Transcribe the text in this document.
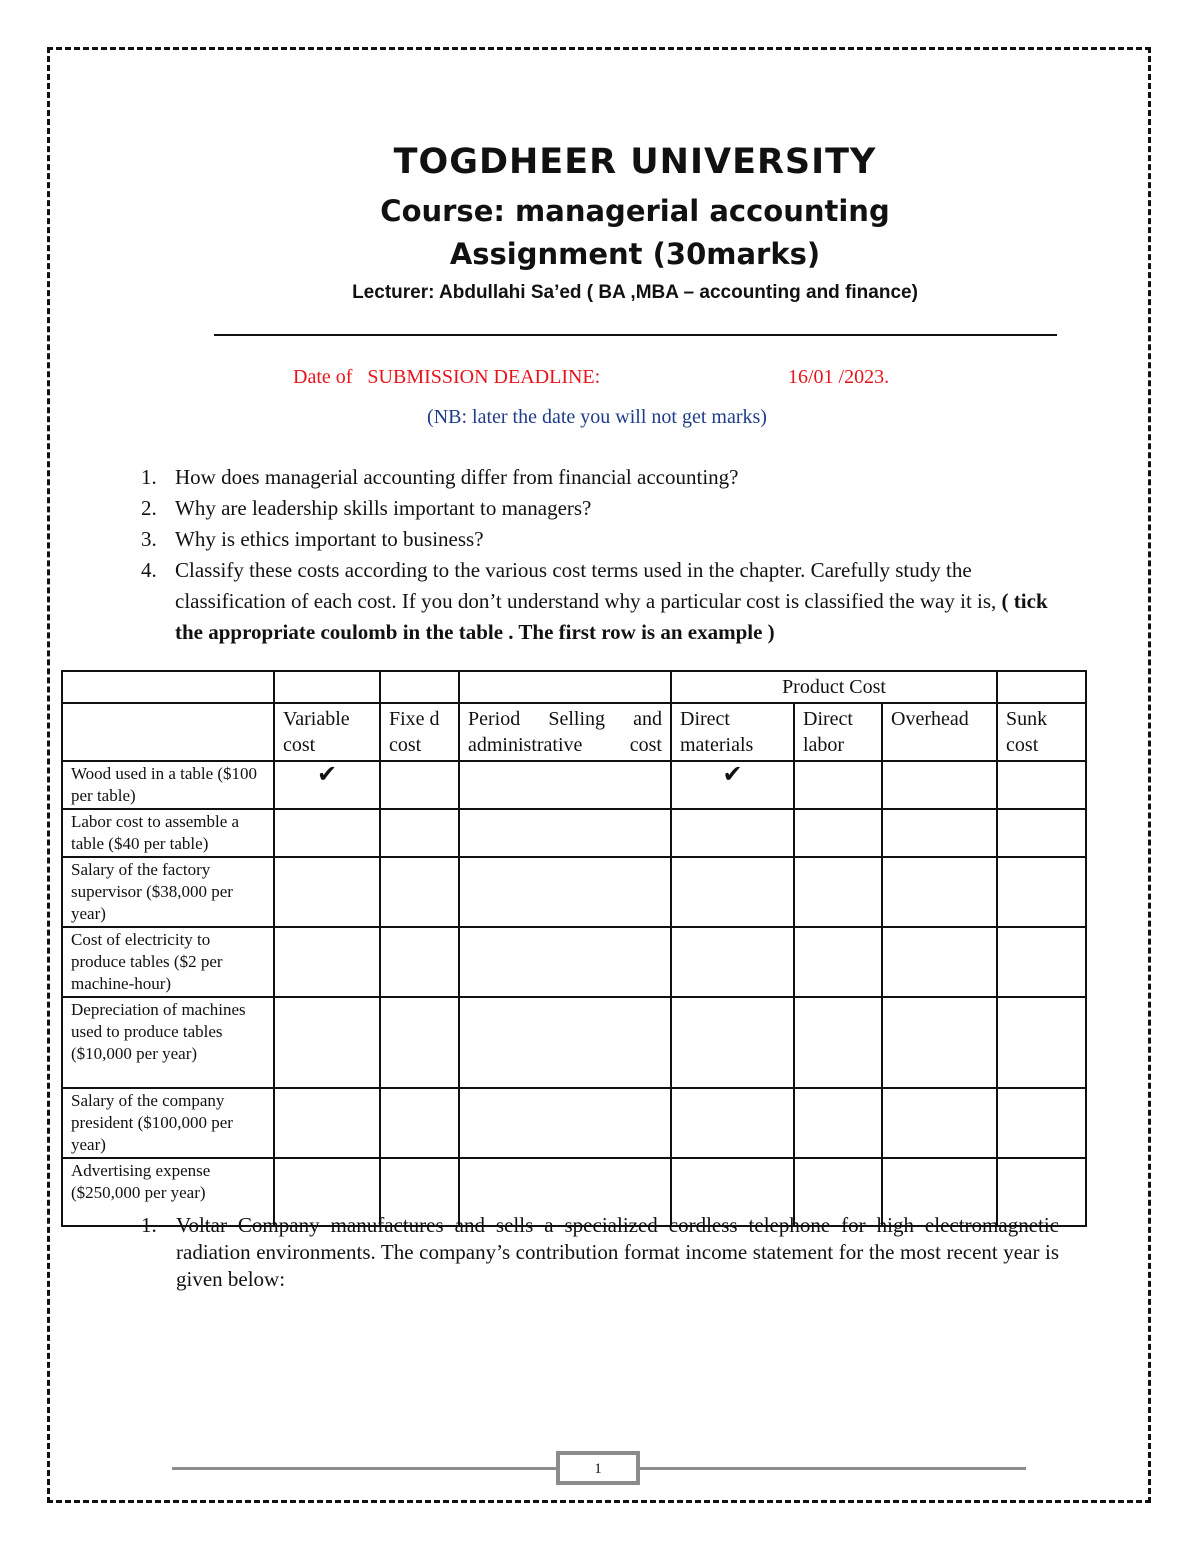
TOGDHEER UNIVERSITY
Course: managerial accounting
Assignment (30marks)
Lecturer: Abdullahi Sa’ed ( BA ,MBA – accounting and finance)
Date of   SUBMISSION DEADLINE:	16/01 /2023.
(NB: later the date you will not get marks)
1. How does managerial accounting differ from financial accounting?
2. Why are leadership skills important to managers?
3. Why is ethics important to business?
4. Classify these costs according to the various cost terms used in the chapter. Carefully study the classification of each cost. If you don’t understand why a particular cost is classified the way it is, ( tick the appropriate coulomb in the table . The first row is an example )
				Product Cost			
	Variable cost	Fixe d cost	Period Selling and administrative cost	Direct materials	Direct labor	Overhead	Sunk cost
Wood used in a table ($100 per table)	✔			✔			
Labor cost to assemble a table ($40 per table)							
Salary of the factory supervisor ($38,000 per year)							
Cost of electricity to produce tables ($2 per machine-hour)							
Depreciation of machines used to produce tables ($10,000 per year)							
Salary of the company president ($100,000 per year)							
Advertising expense ($250,000 per year)							
1. Voltar Company manufactures and sells a specialized cordless telephone for high electromagnetic radiation environments. The company’s contribution format income statement for the most recent year is given below:
1
